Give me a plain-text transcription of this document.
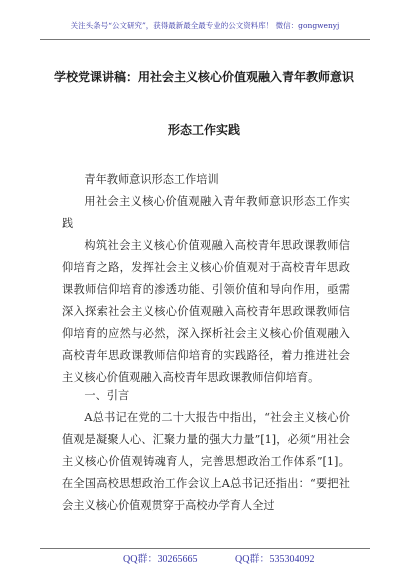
关注头条号“公文研究”，获得最新最全最专业的公文资料库！ 微信：gongwenyj
学校党课讲稿：用社会主义核心价值观融入青年教师意识
形态工作实践

青年教师意识形态工作培训

用社会主义核心价值观融入青年教师意识形态工作实践

构筑社会主义核心价值观融入高校青年思政课教师信仰培育之路，发挥社会主义核心价值观对于高校青年思政课教师信仰培育的渗透功能、引领价值和导向作用，亟需深入探索社会主义核心价值观融入高校青年思政课教师信仰培育的应然与必然，深入探析社会主义核心价值观融入高校青年思政课教师信仰培育的实践路径，着力推进社会主义核心价值观融入高校青年思政课教师信仰培育。

一、引言

A总书记在党的二十大报告中指出，“社会主义核心价值观是凝聚人心、汇聚力量的强大力量”[1]，必须“用社会主义核心价值观铸魂育人，完善思想政治工作体系”[1]。在全国高校思想政治工作会议上A总书记还指出：“要把社会主义核心价值观贯穿于高校办学育人全过

QQ群：30265665	QQ群：535304092
